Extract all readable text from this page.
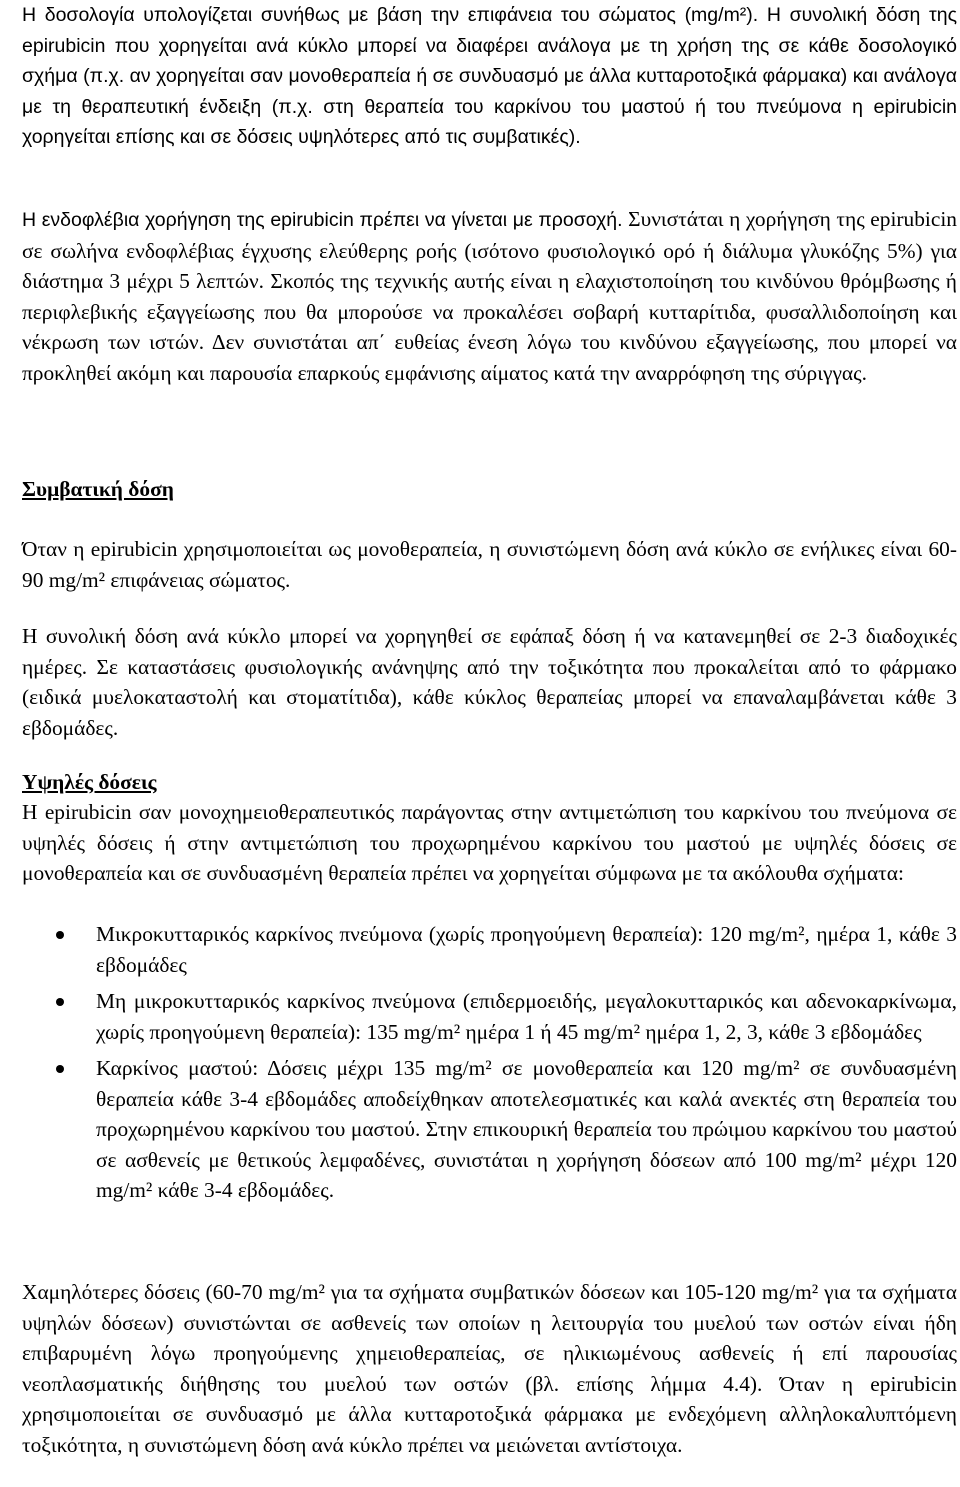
Η δοσολογία υπολογίζεται συνήθως με βάση την επιφάνεια του σώματος (mg/m²). Η συνολική δόση της epirubicin που χορηγείται ανά κύκλο μπορεί να διαφέρει ανάλογα με τη χρήση της σε κάθε δοσολογικό σχήμα (π.χ. αν χορηγείται σαν μονοθεραπεία ή σε συνδυασμό με άλλα κυτταροτοξικά φάρμακα) και ανάλογα με τη θεραπευτική ένδειξη (π.χ. στη θεραπεία του καρκίνου του μαστού ή του πνεύμονα η epirubicin χορηγείται επίσης και σε δόσεις υψηλότερες από τις συμβατικές).

Η ενδοφλέβια χορήγηση της epirubicin πρέπει να γίνεται με προσοχή. Συνιστάται η χορήγηση της epirubicin σε σωλήνα ενδοφλέβιας έγχυσης ελεύθερης ροής (ισότονο φυσιολογικό ορό ή διάλυμα γλυκόζης 5%) για διάστημα 3 μέχρι 5 λεπτών. Σκοπός της τεχνικής αυτής είναι η ελαχιστοποίηση του κινδύνου θρόμβωσης ή περιφλεβικής εξαγγείωσης που θα μπορούσε να προκαλέσει σοβαρή κυτταρίτιδα, φυσαλλιδοποίηση και νέκρωση των ιστών. Δεν συνιστάται απ΄ ευθείας ένεση λόγω του κινδύνου εξαγγείωσης, που μπορεί να προκληθεί ακόμη και παρουσία επαρκούς εμφάνισης αίματος κατά την αναρρόφηση της σύριγγας.

Συμβατική δόση

Όταν η epirubicin χρησιμοποιείται ως μονοθεραπεία, η συνιστώμενη δόση ανά κύκλο σε ενήλικες είναι 60-90 mg/m² επιφάνειας σώματος.

Η συνολική δόση ανά κύκλο μπορεί να χορηγηθεί σε εφάπαξ δόση ή να κατανεμηθεί σε 2-3 διαδοχικές ημέρες. Σε καταστάσεις φυσιολογικής ανάνηψης από την τοξικότητα που προκαλείται από το φάρμακο (ειδικά μυελοκαταστολή και στοματίτιδα), κάθε κύκλος θεραπείας μπορεί να επαναλαμβάνεται κάθε 3 εβδομάδες.

Υψηλές δόσεις

Η epirubicin σαν μονοχημειοθεραπευτικός παράγοντας στην αντιμετώπιση του καρκίνου του πνεύμονα σε υψηλές δόσεις ή στην αντιμετώπιση του προχωρημένου καρκίνου του μαστού με υψηλές δόσεις σε μονοθεραπεία και σε συνδυασμένη θεραπεία πρέπει να χορηγείται σύμφωνα με τα ακόλουθα σχήματα:

Μικροκυτταρικός καρκίνος πνεύμονα (χωρίς προηγούμενη θεραπεία): 120 mg/m², ημέρα 1, κάθε 3 εβδομάδες
Μη μικροκυτταρικός καρκίνος πνεύμονα (επιδερμοειδής, μεγαλοκυτταρικός και αδενοκαρκίνωμα, χωρίς προηγούμενη θεραπεία): 135 mg/m² ημέρα 1 ή 45 mg/m² ημέρα 1, 2, 3, κάθε 3 εβδομάδες
Καρκίνος μαστού: Δόσεις μέχρι 135 mg/m² σε μονοθεραπεία και 120 mg/m² σε συνδυασμένη θεραπεία κάθε 3-4 εβδομάδες αποδείχθηκαν αποτελεσματικές και καλά ανεκτές στη θεραπεία του προχωρημένου καρκίνου του μαστού. Στην επικουρική θεραπεία του πρώιμου καρκίνου του μαστού σε ασθενείς με θετικούς λεμφαδένες, συνιστάται η χορήγηση δόσεων από 100 mg/m² μέχρι 120 mg/m² κάθε 3-4 εβδομάδες.

Χαμηλότερες δόσεις (60-70 mg/m² για τα σχήματα συμβατικών δόσεων και 105-120 mg/m² για τα σχήματα υψηλών δόσεων) συνιστώνται σε ασθενείς των οποίων η λειτουργία του μυελού των οστών είναι ήδη επιβαρυμένη λόγω προηγούμενης χημειοθεραπείας, σε ηλικιωμένους ασθενείς ή επί παρουσίας νεοπλασματικής διήθησης του μυελού των οστών (βλ. επίσης λήμμα 4.4). Όταν η epirubicin χρησιμοποιείται σε συνδυασμό με άλλα κυτταροτοξικά φάρμακα με ενδεχόμενη αλληλοκαλυπτόμενη τοξικότητα, η συνιστώμενη δόση ανά κύκλο πρέπει να μειώνεται αντίστοιχα.
